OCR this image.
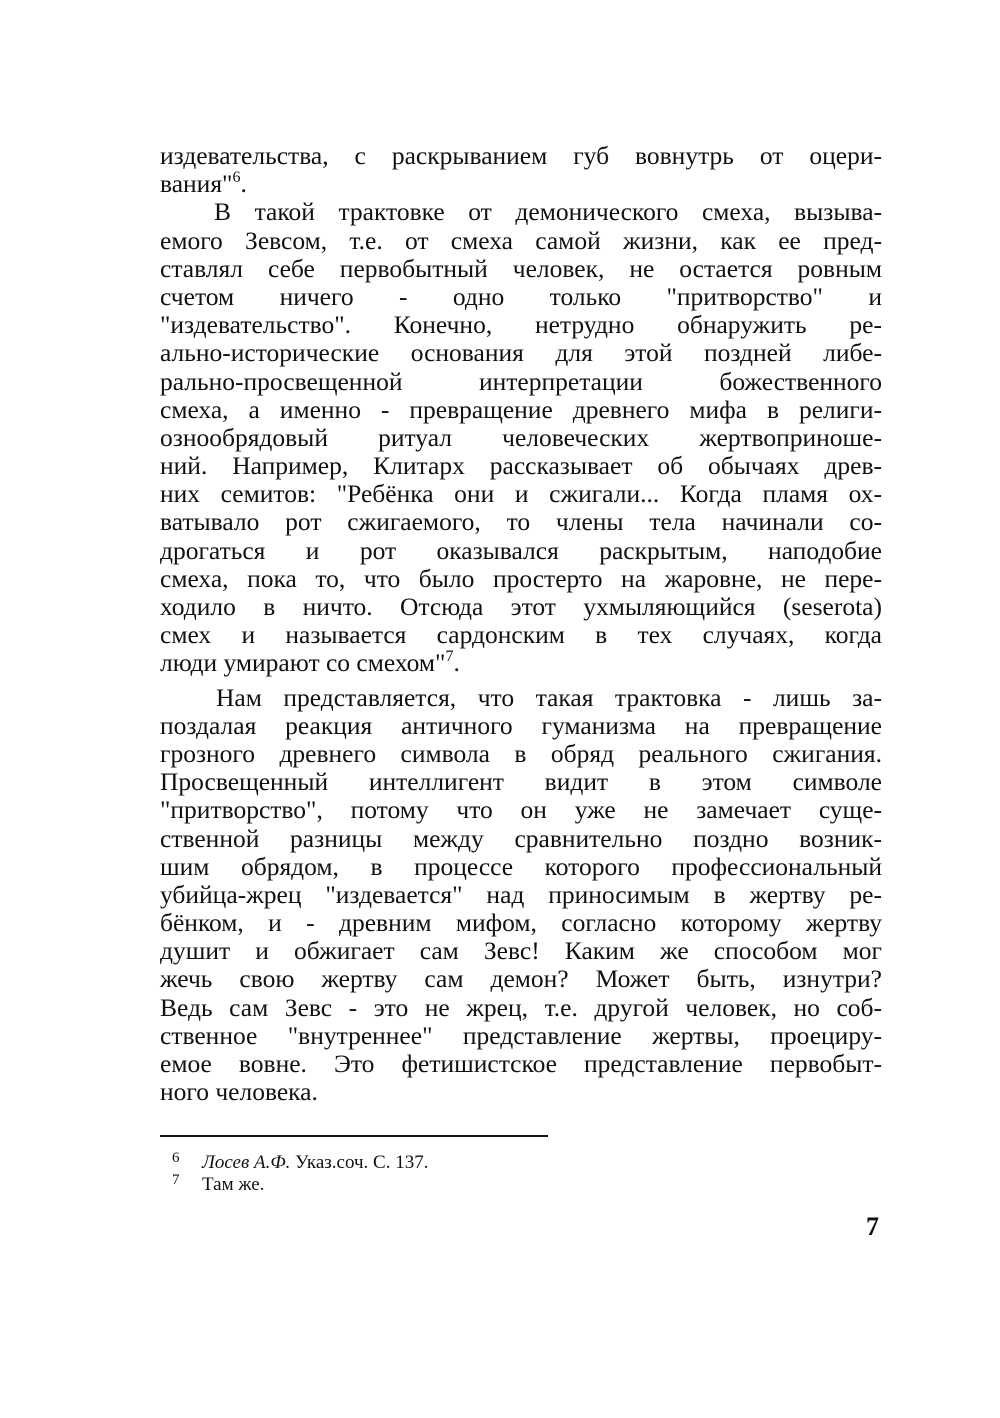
издевательства, с раскрыванием губ вовнутрь от оцери-
вания"$^6$.
В такой трактовке от демонического смеха, вызыва-
емого Зевсом, т.е. от смеха самой жизни, как ее пред-
ставлял себе первобытный человек, не остается ровным
счетом ничего - одно только "притворство" и
"издевательство". Конечно, нетрудно обнаружить ре-
ально-исторические основания для этой поздней либе-
рально-просвещенной интерпретации божественного
смеха, а именно - превращение древнего мифа в религи-
ознообрядовый ритуал человеческих жертвоприноше-
ний. Например, Клитарх рассказывает об обычаях древ-
них семитов: "Ребёнка они и сжигали... Когда пламя ох-
ватывало рот сжигаемого, то члены тела начинали со-
дрогаться и рот оказывался раскрытым, наподобие
смеха, пока то, что было простерто на жаровне, не пере-
ходило в ничто. Отсюда этот ухмыляющийся (seserota)
смех и называется сардонским в тех случаях, когда
люди умирают со смехом"$^7$.
Нам представляется, что такая трактовка - лишь за-
поздалая реакция античного гуманизма на превращение
грозного древнего символа в обряд реального сжигания.
Просвещенный интеллигент видит в этом символе
"притворство", потому что он уже не замечает суще-
ственной разницы между сравнительно поздно возник-
шим обрядом, в процессе которого профессиональный
убийца-жрец "издевается" над приносимым в жертву ре-
бёнком, и - древним мифом, согласно которому жертву
душит и обжигает сам Зевс! Каким же способом мог
жечь свою жертву сам демон? Может быть, изнутри?
Ведь сам Зевс - это не жрец, т.е. другой человек, но соб-
ственное "внутреннее" представление жертвы, проециру-
емое вовне. Это фетишистское представление первобыт-
ного человека.
6 Лосев А.Ф. Указ.соч. С. 137.
7 Там же.
7
